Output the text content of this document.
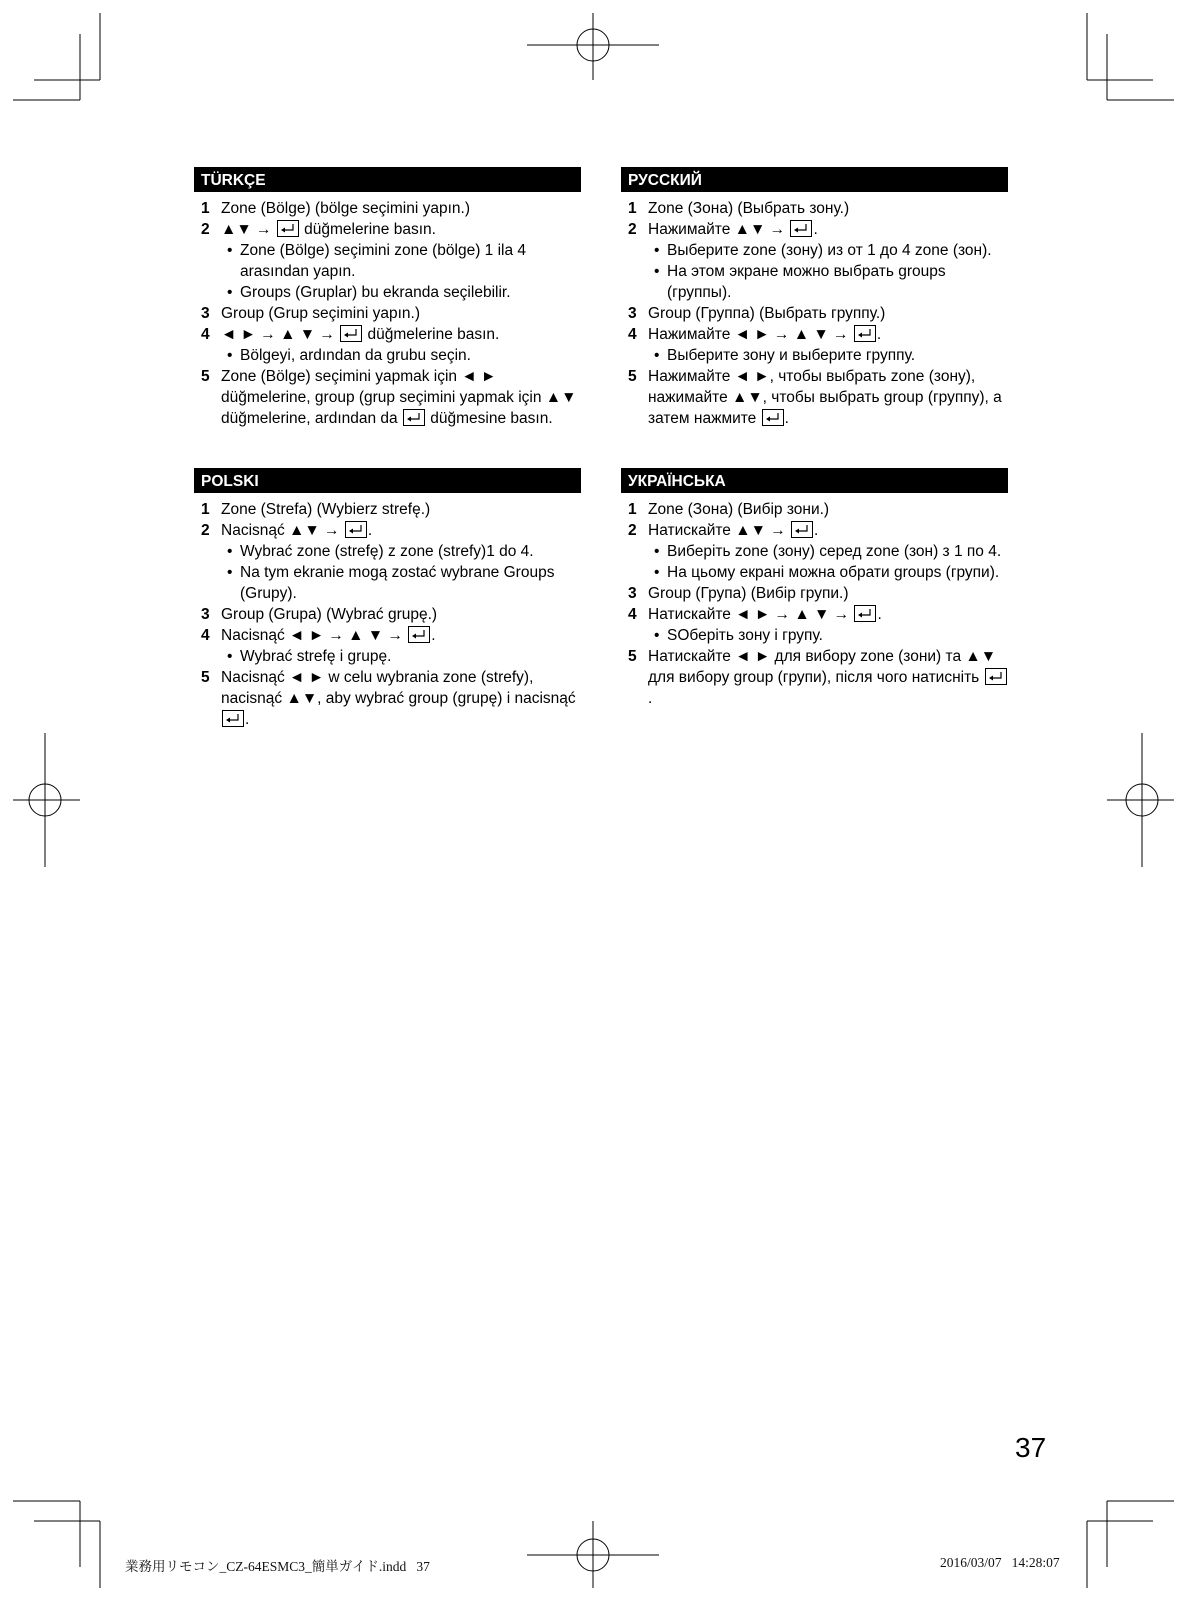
TÜRKÇE
1 Zone (Bölge) (bölge seçimini yapın.)
2 ▲▼ →
düğmelerine basın.
• Zone (Bölge) seçimini zone (bölge) 1 ila 4 arasından yapın.
• Groups (Gruplar) bu ekranda seçilebilir.
3 Group (Grup seçimini yapın.)
4 ◄ ► → ▲ ▼ →
düğmelerine basın.
• Bölgeyi, ardından da grubu seçin.
5 Zone (Bölge) seçimini yapmak için ◄ ► düğmelerine, group (grup seçimini yapmak için ▲▼ düğmelerine, ardından da
düğmesine basın.
РУССКИЙ
1 Zone (Зона) (Выбрать зону.)
2 Нажимайте ▲▼ →
.
• Выберите zone (зону) из от 1 до 4 zone (зон).
• На этом экране можно выбрать groups (группы).
3 Group (Группа) (Выбрать группу.)
4 Нажимайте ◄ ► → ▲ ▼ →
.
• Выберите зону и выберите группу.
5 Нажимайте ◄ ►, чтобы выбрать zone (зону), нажимайте ▲▼, чтобы выбрать group (группу), а затем нажмите
.
POLSKI
1 Zone (Strefa) (Wybierz strefę.)
2 Nacisnąć ▲▼ →
.
• Wybrać zone (strefę) z zone (strefy)1 do 4.
• Na tym ekranie mogą zostać wybrane Groups (Grupy).
3 Group (Grupa) (Wybrać grupę.)
4 Nacisnąć ◄ ► → ▲ ▼ →
.
• Wybrać strefę i grupę.
5 Nacisnąć ◄ ► w celu wybrania zone (strefy), nacisnąć ▲▼, aby wybrać group (grupę) i nacisnąć
.
УКРАЇНСЬКА
1 Zone (Зона) (Вибір зони.)
2 Натискайте ▲▼ →
.
• Виберіть zone (зону) серед zone (зон) з 1 по 4.
• На цьому екрані можна обрати groups (групи).
3 Group (Група) (Вибір групи.)
4 Натискайте ◄ ► → ▲ ▼ →
.
• SОберіть зону і групу.
5 Натискайте ◄ ► для вибору zone (зони) та ▲▼ для вибору group (групи), після чого натисніть
.
37
業務用リモコン_CZ-64ESMC3_簡単ガイド.indd   37	2016/03/07   14:28:07
